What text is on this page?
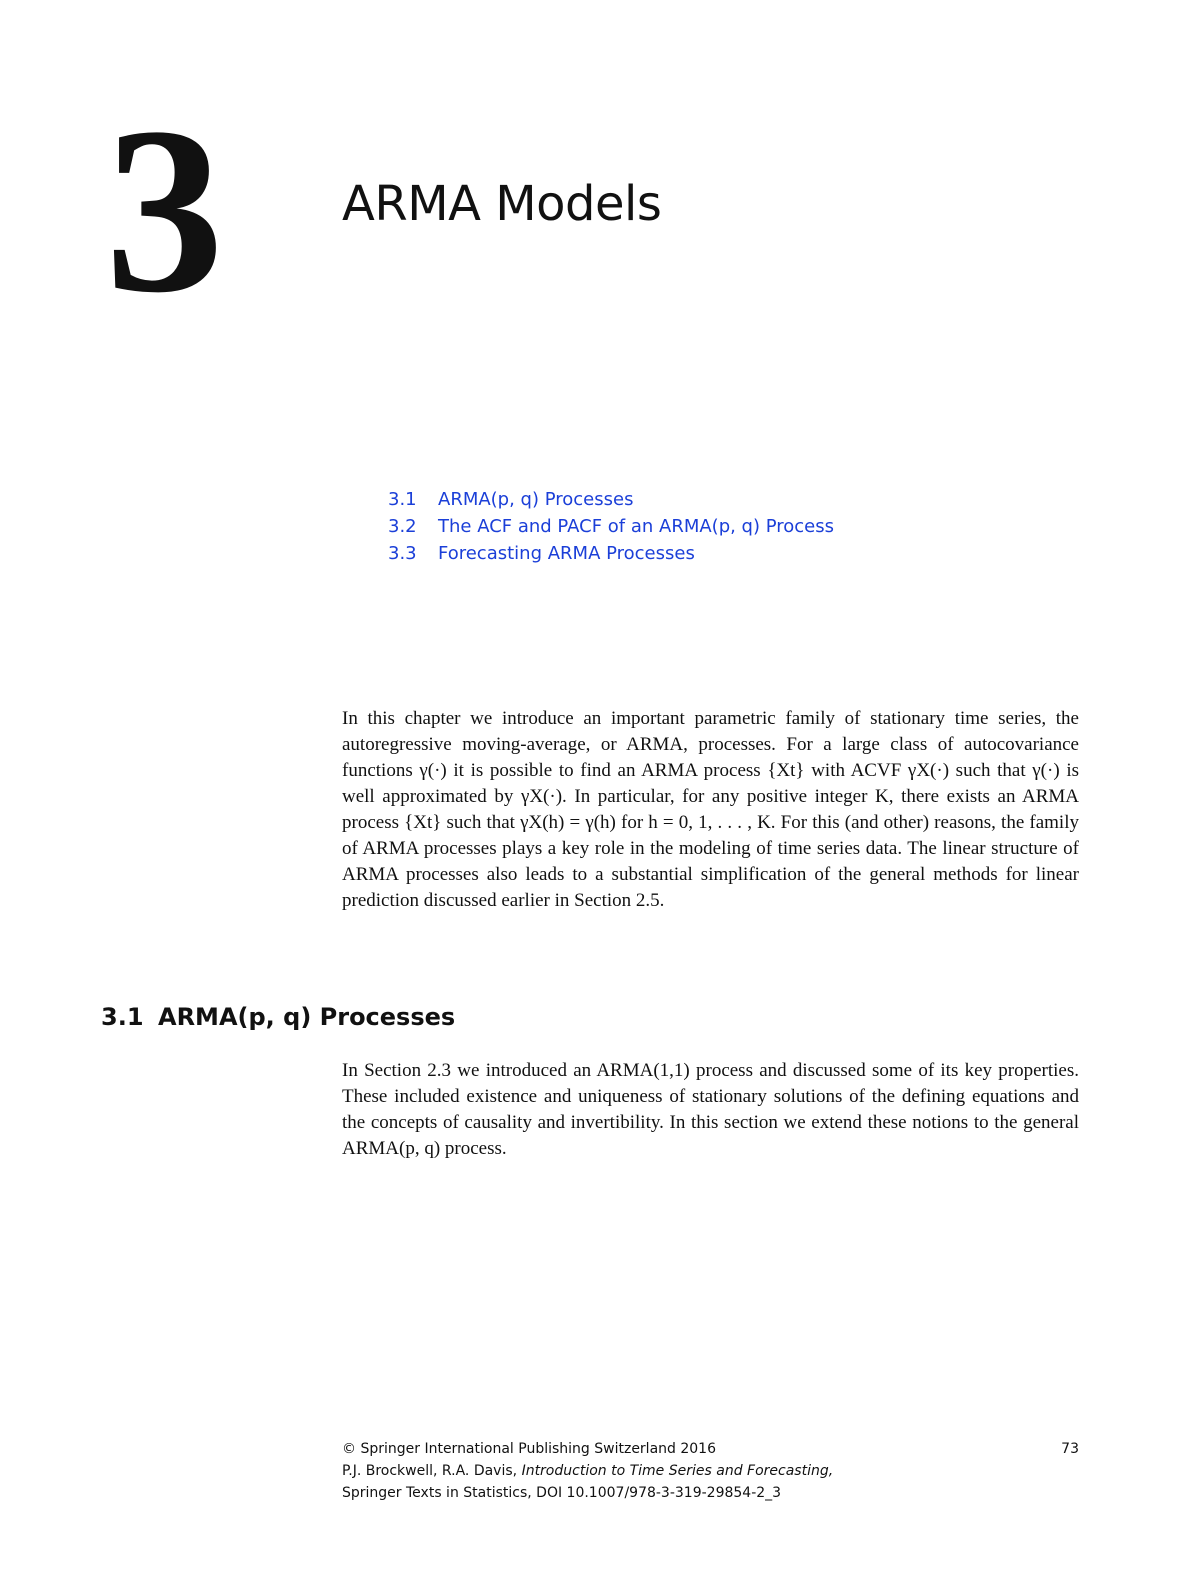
3 ARMA Models
3.1	ARMA(p, q) Processes
3.2	The ACF and PACF of an ARMA(p, q) Process
3.3	Forecasting ARMA Processes

In this chapter we introduce an important parametric family of stationary time series, the autoregressive moving-average, or ARMA, processes. For a large class of autocovariance functions γ(·) it is possible to find an ARMA process {Xt} with ACVF γX(·) such that γ(·) is well approximated by γX(·). In particular, for any positive integer K, there exists an ARMA process {Xt} such that γX(h) = γ(h) for h = 0, 1, . . . , K. For this (and other) reasons, the family of ARMA processes plays a key role in the modeling of time series data. The linear structure of ARMA processes also leads to a substantial simplification of the general methods for linear prediction discussed earlier in Section 2.5.

3.1 ARMA(p, q) Processes

In Section 2.3 we introduced an ARMA(1,1) process and discussed some of its key properties. These included existence and uniqueness of stationary solutions of the defining equations and the concepts of causality and invertibility. In this section we extend these notions to the general ARMA(p, q) process.

© Springer International Publishing Switzerland 2016	73
P.J. Brockwell, R.A. Davis, Introduction to Time Series and Forecasting,
Springer Texts in Statistics, DOI 10.1007/978-3-319-29854-2_3
